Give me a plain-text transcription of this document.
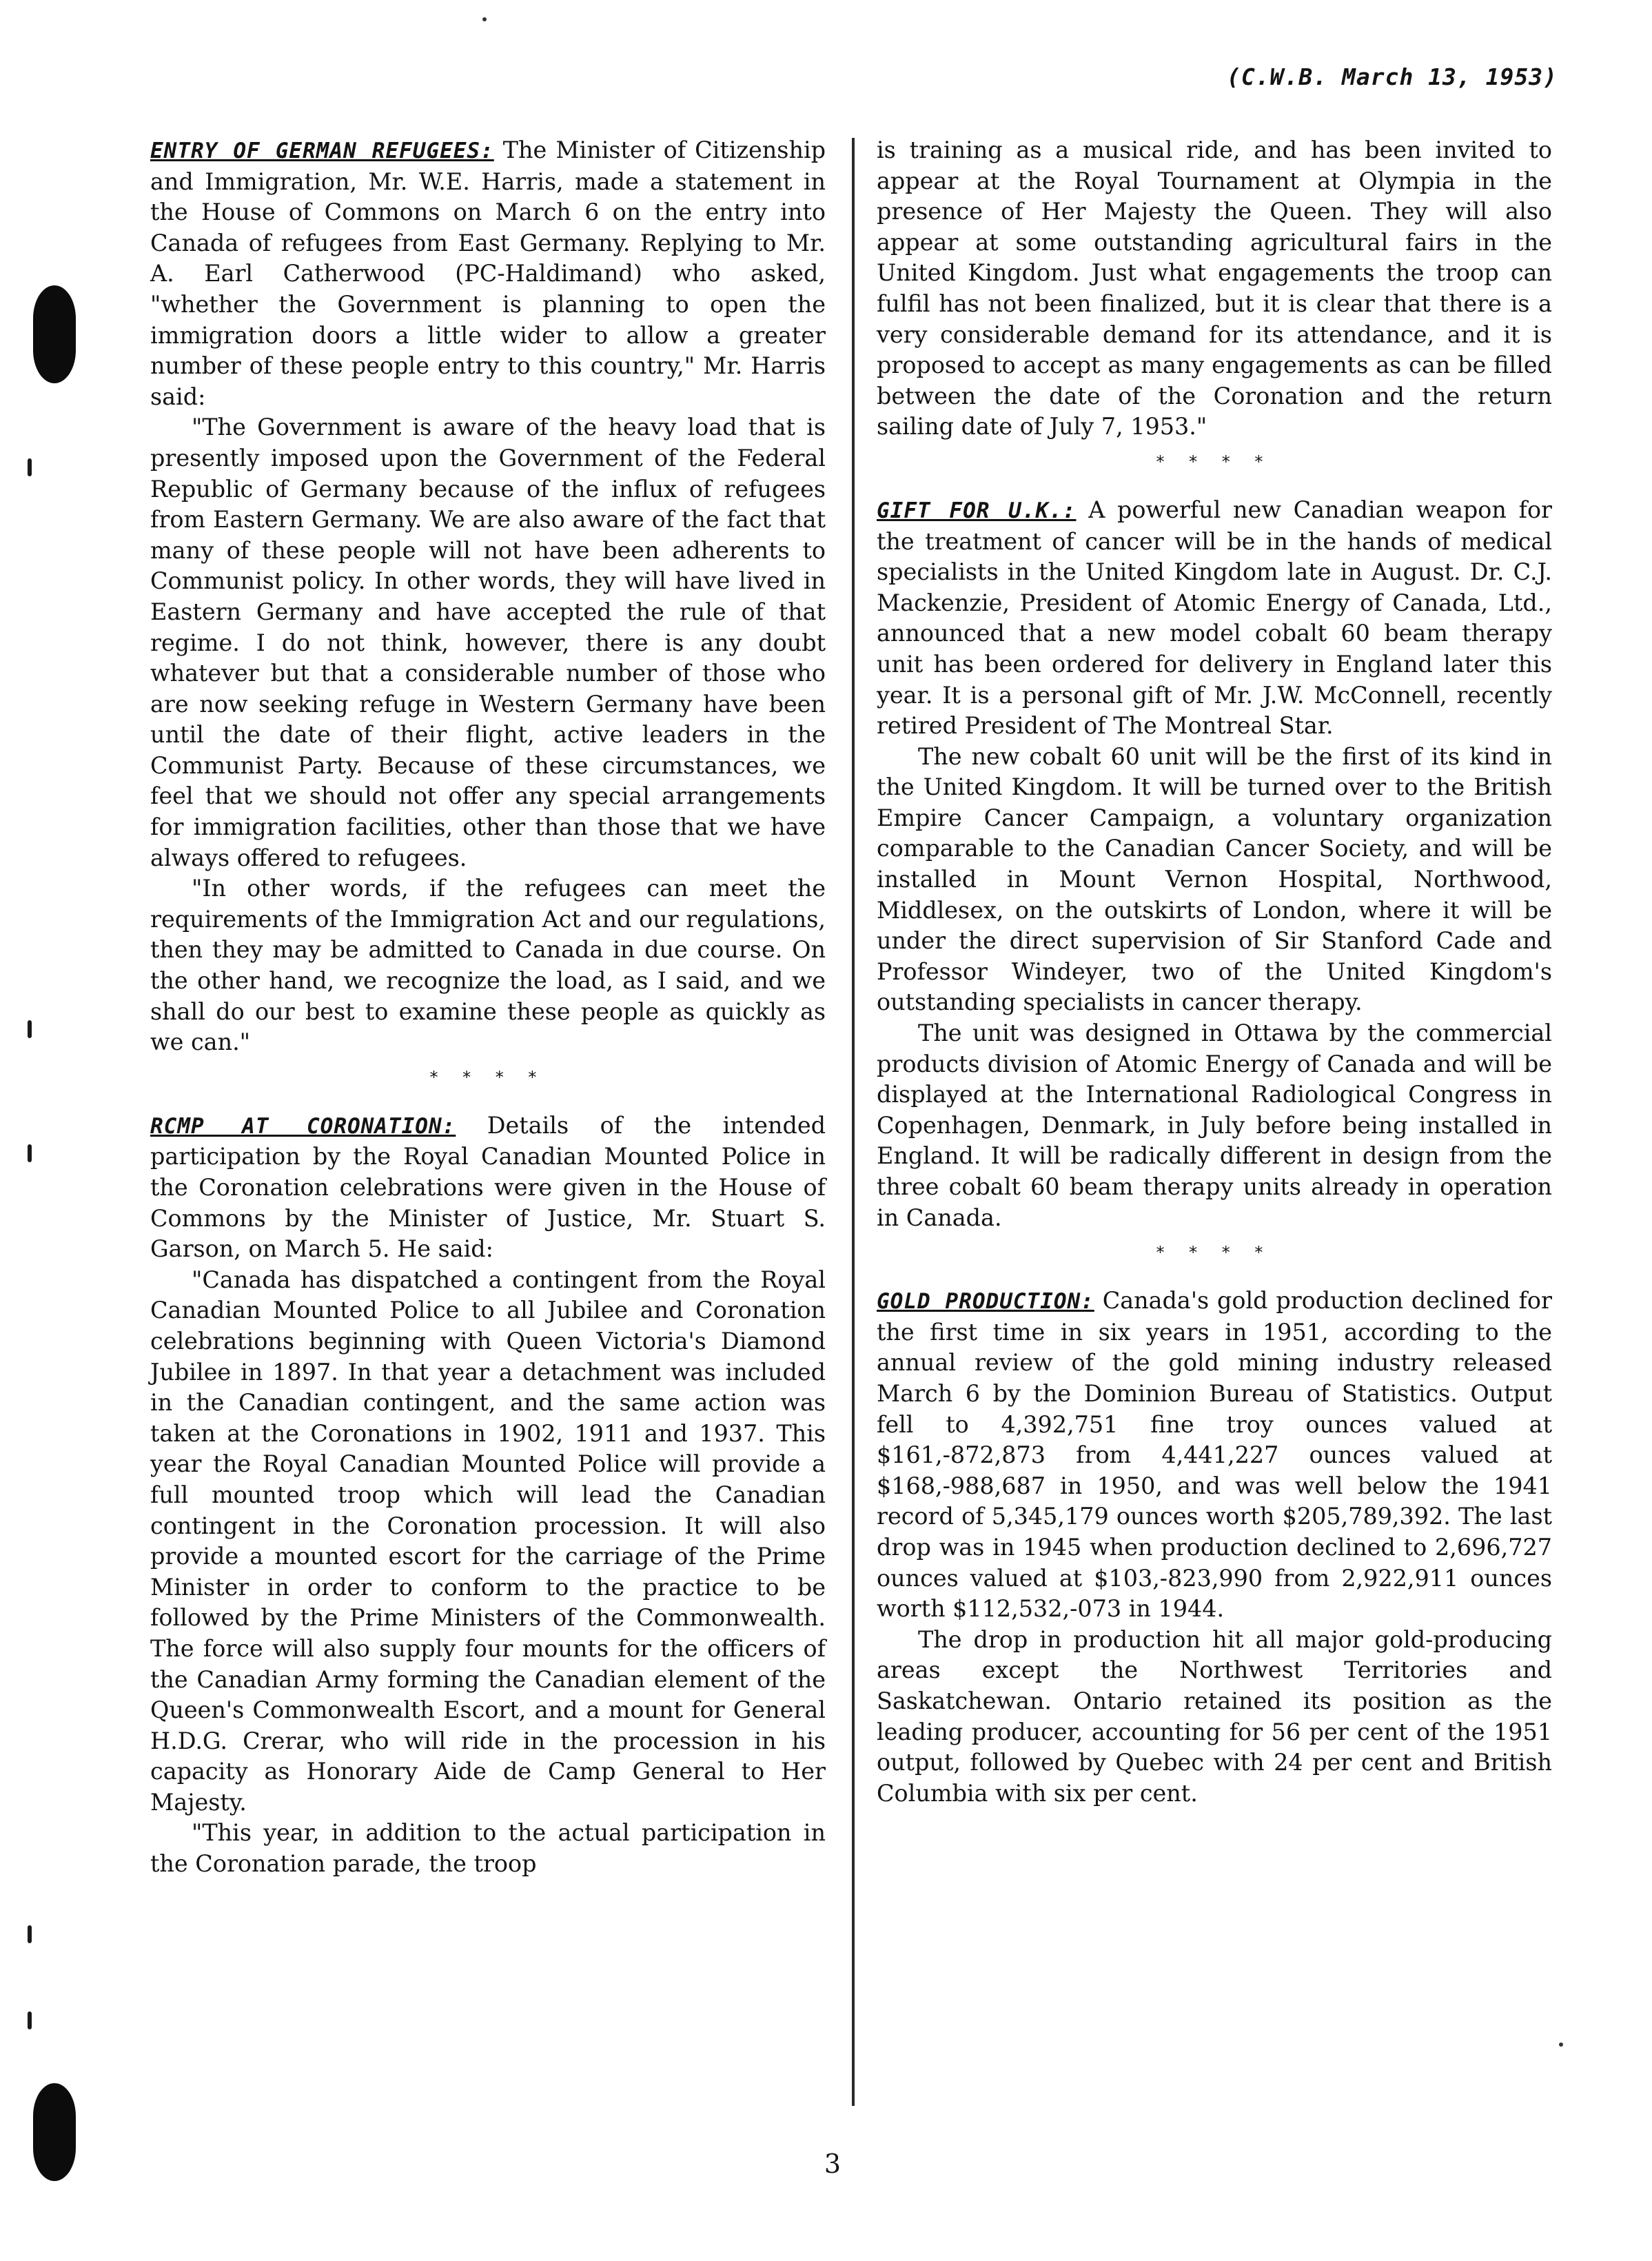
(C.W.B. March 13, 1953)

ENTRY OF GERMAN REFUGEES: The Minister of Citizenship and Immigration, Mr. W.E. Harris, made a statement in the House of Commons on March 6 on the entry into Canada of refugees from East Germany. Replying to Mr. A. Earl Catherwood (PC-Haldimand) who asked, "whether the Government is planning to open the immigration doors a little wider to allow a greater number of these people entry to this country," Mr. Harris said:

"The Government is aware of the heavy load that is presently imposed upon the Government of the Federal Republic of Germany because of the influx of refugees from Eastern Germany. We are also aware of the fact that many of these people will not have been adherents to Communist policy. In other words, they will have lived in Eastern Germany and have accepted the rule of that regime. I do not think, however, there is any doubt whatever but that a considerable number of those who are now seeking refuge in Western Germany have been until the date of their flight, active leaders in the Communist Party. Because of these circumstances, we feel that we should not offer any special arrangements for immigration facilities, other than those that we have always offered to refugees.

"In other words, if the refugees can meet the requirements of the Immigration Act and our regulations, then they may be admitted to Canada in due course. On the other hand, we recognize the load, as I said, and we shall do our best to examine these people as quickly as we can."

* * * *

RCMP AT CORONATION: Details of the intended participation by the Royal Canadian Mounted Police in the Coronation celebrations were given in the House of Commons by the Minister of Justice, Mr. Stuart S. Garson, on March 5. He said:

"Canada has dispatched a contingent from the Royal Canadian Mounted Police to all Jubilee and Coronation celebrations beginning with Queen Victoria's Diamond Jubilee in 1897. In that year a detachment was included in the Canadian contingent, and the same action was taken at the Coronations in 1902, 1911 and 1937. This year the Royal Canadian Mounted Police will provide a full mounted troop which will lead the Canadian contingent in the Coronation procession. It will also provide a mounted escort for the carriage of the Prime Minister in order to conform to the practice to be followed by the Prime Ministers of the Commonwealth. The force will also supply four mounts for the officers of the Canadian Army forming the Canadian element of the Queen's Commonwealth Escort, and a mount for General H.D.G. Crerar, who will ride in the procession in his capacity as Honorary Aide de Camp General to Her Majesty.

"This year, in addition to the actual participation in the Coronation parade, the troop

is training as a musical ride, and has been invited to appear at the Royal Tournament at Olympia in the presence of Her Majesty the Queen. They will also appear at some outstanding agricultural fairs in the United Kingdom. Just what engagements the troop can fulfil has not been finalized, but it is clear that there is a very considerable demand for its attendance, and it is proposed to accept as many engagements as can be filled between the date of the Coronation and the return sailing date of July 7, 1953."

* * * *

GIFT FOR U.K.: A powerful new Canadian weapon for the treatment of cancer will be in the hands of medical specialists in the United Kingdom late in August. Dr. C.J. Mackenzie, President of Atomic Energy of Canada, Ltd., announced that a new model cobalt 60 beam therapy unit has been ordered for delivery in England later this year. It is a personal gift of Mr. J.W. McConnell, recently retired President of The Montreal Star.

The new cobalt 60 unit will be the first of its kind in the United Kingdom. It will be turned over to the British Empire Cancer Campaign, a voluntary organization comparable to the Canadian Cancer Society, and will be installed in Mount Vernon Hospital, Northwood, Middlesex, on the outskirts of London, where it will be under the direct supervision of Sir Stanford Cade and Professor Windeyer, two of the United Kingdom's outstanding specialists in cancer therapy.

The unit was designed in Ottawa by the commercial products division of Atomic Energy of Canada and will be displayed at the International Radiological Congress in Copenhagen, Denmark, in July before being installed in England. It will be radically different in design from the three cobalt 60 beam therapy units already in operation in Canada.

* * * *

GOLD PRODUCTION: Canada's gold production declined for the first time in six years in 1951, according to the annual review of the gold mining industry released March 6 by the Dominion Bureau of Statistics. Output fell to 4,392,751 fine troy ounces valued at $161,-872,873 from 4,441,227 ounces valued at $168,-988,687 in 1950, and was well below the 1941 record of 5,345,179 ounces worth $205,789,392. The last drop was in 1945 when production declined to 2,696,727 ounces valued at $103,-823,990 from 2,922,911 ounces worth $112,532,-073 in 1944.

The drop in production hit all major gold-producing areas except the Northwest Territories and Saskatchewan. Ontario retained its position as the leading producer, accounting for 56 per cent of the 1951 output, followed by Quebec with 24 per cent and British Columbia with six per cent.

3
